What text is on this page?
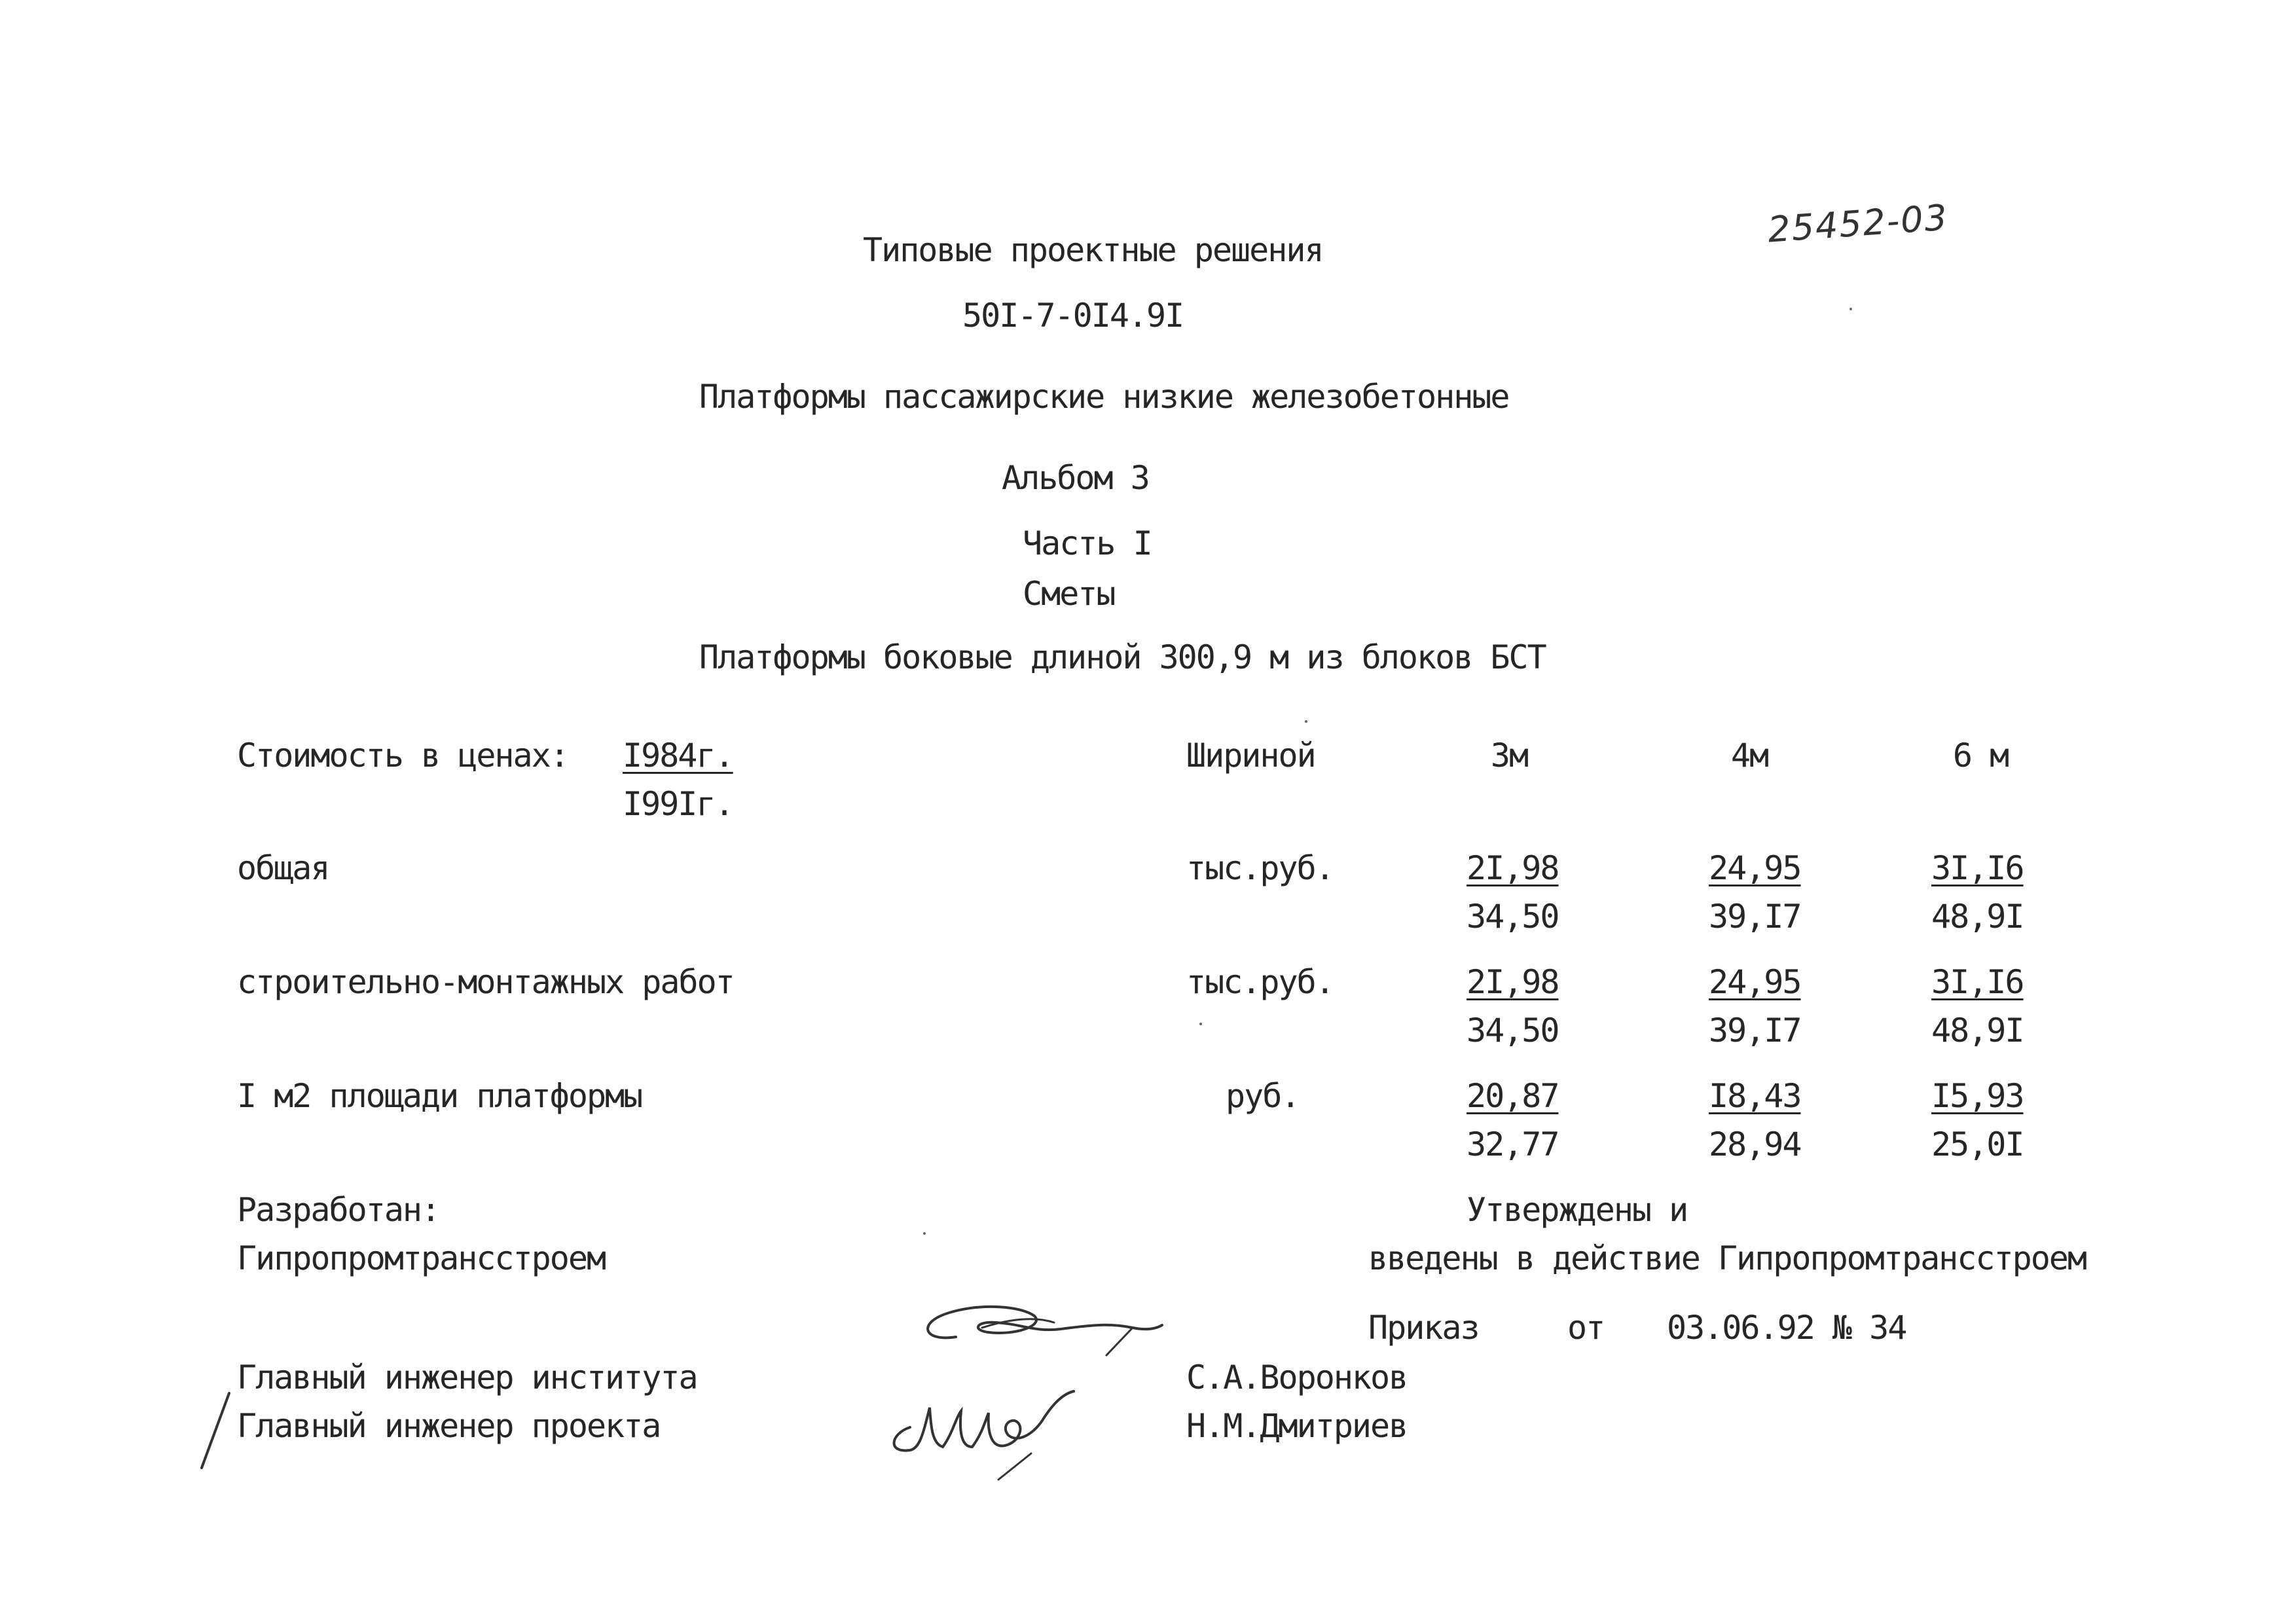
25452-03
Типовые проектные решения
50I-7-0I4.9I
Платформы пассажирские низкие железобетонные
Альбом 3
Часть I
Сметы
Платформы боковые длиной 300,9 м из блоков БСТ
Стоимость в ценах: I984г.
I99Iг.
Шириной	3м	4м	6 м
общая	тыс.руб.	2I,98	24,95	3I,I6
34,50	39,I7	48,9I
строительно-монтажных работ	тыс.руб.	2I,98	24,95	3I,I6
34,50	39,I7	48,9I
I м2 площади платформы	руб.	20,87	I8,43	I5,93
32,77	28,94	25,0I
Разработан:
Гипропромтрансстроем
Утверждены и
введены в действие Гипропромтрансстроем
Приказ	от 03.06.92 № 34
Главный инженер института	С.А.Воронков
Главный инженер проекта	Н.М.Дмитриев
